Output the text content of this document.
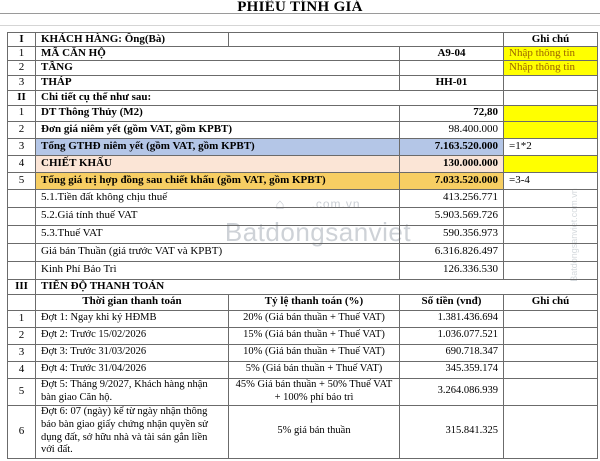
PHIẾU TÍNH GIÁ
⌂ .com.vn
Batdongsanviet	Batdongsanviet.com.vn
I	KHÁCH HÀNG: Ông(Bà)			Ghi chú
1	MÃ CĂN HỘ		A9-04	Nhập thông tin
2	TẦNG			Nhập thông tin
3	THÁP		HH-01	
II	Chi tiết cụ thể như sau:			
1	DT Thông Thủy (M2)		72,80	
2	Đơn giá niêm yết (gồm VAT, gồm KPBT)		98.400.000	
3	Tổng GTHĐ niêm yết (gồm VAT, gồm KPBT)		7.163.520.000	=1*2
4	CHIẾT KHẤU		130.000.000	
5	Tổng giá trị hợp đồng sau chiết khấu (gồm VAT, gồm KPBT)		7.033.520.000	=3-4
	5.1.Tiền đất không chịu thuế		413.256.771	
	5.2.Giá tính thuế VAT		5.903.569.726	
	5.3.Thuế VAT		590.356.973	
	Giá bán Thuần (giá trước VAT và KPBT)		6.316.826.497	
	Kinh Phí Bảo Trì		126.336.530	
III	TIẾN ĐỘ THANH TOÁN			
	Thời gian thanh toán	Tỷ lệ thanh toán (%)	Số tiền (vnđ)	Ghi chú
1	Đợt 1: Ngay khi ký HĐMB	20% (Giá bán thuần + Thuế VAT)	1.381.436.694	
2	Đợt 2: Trước 15/02/2026	15% (Giá bán thuần + Thuế VAT)	1.036.077.521	
3	Đợt 3: Trước 31/03/2026	10% (Giá bán thuần + Thuế VAT)	690.718.347	
4	Đợt 4: Trước 31/04/2026	5% (Giá bán thuần + Thuế VAT)	345.359.174	
5	Đợt 5: Tháng 9/2027, Khách hàng nhận bàn giao Căn hộ.	45% Giá bán thuần + 50% Thuế VAT + 100% phí bảo trì	3.264.086.939	
6	Đợt 6: 07 (ngày) kể từ ngày nhận thông báo bàn giao giấy chứng nhận quyền sử dụng đất, sở hữu nhà và tài sản gắn liền với đất.	5% giá bán thuần	315.841.325	
